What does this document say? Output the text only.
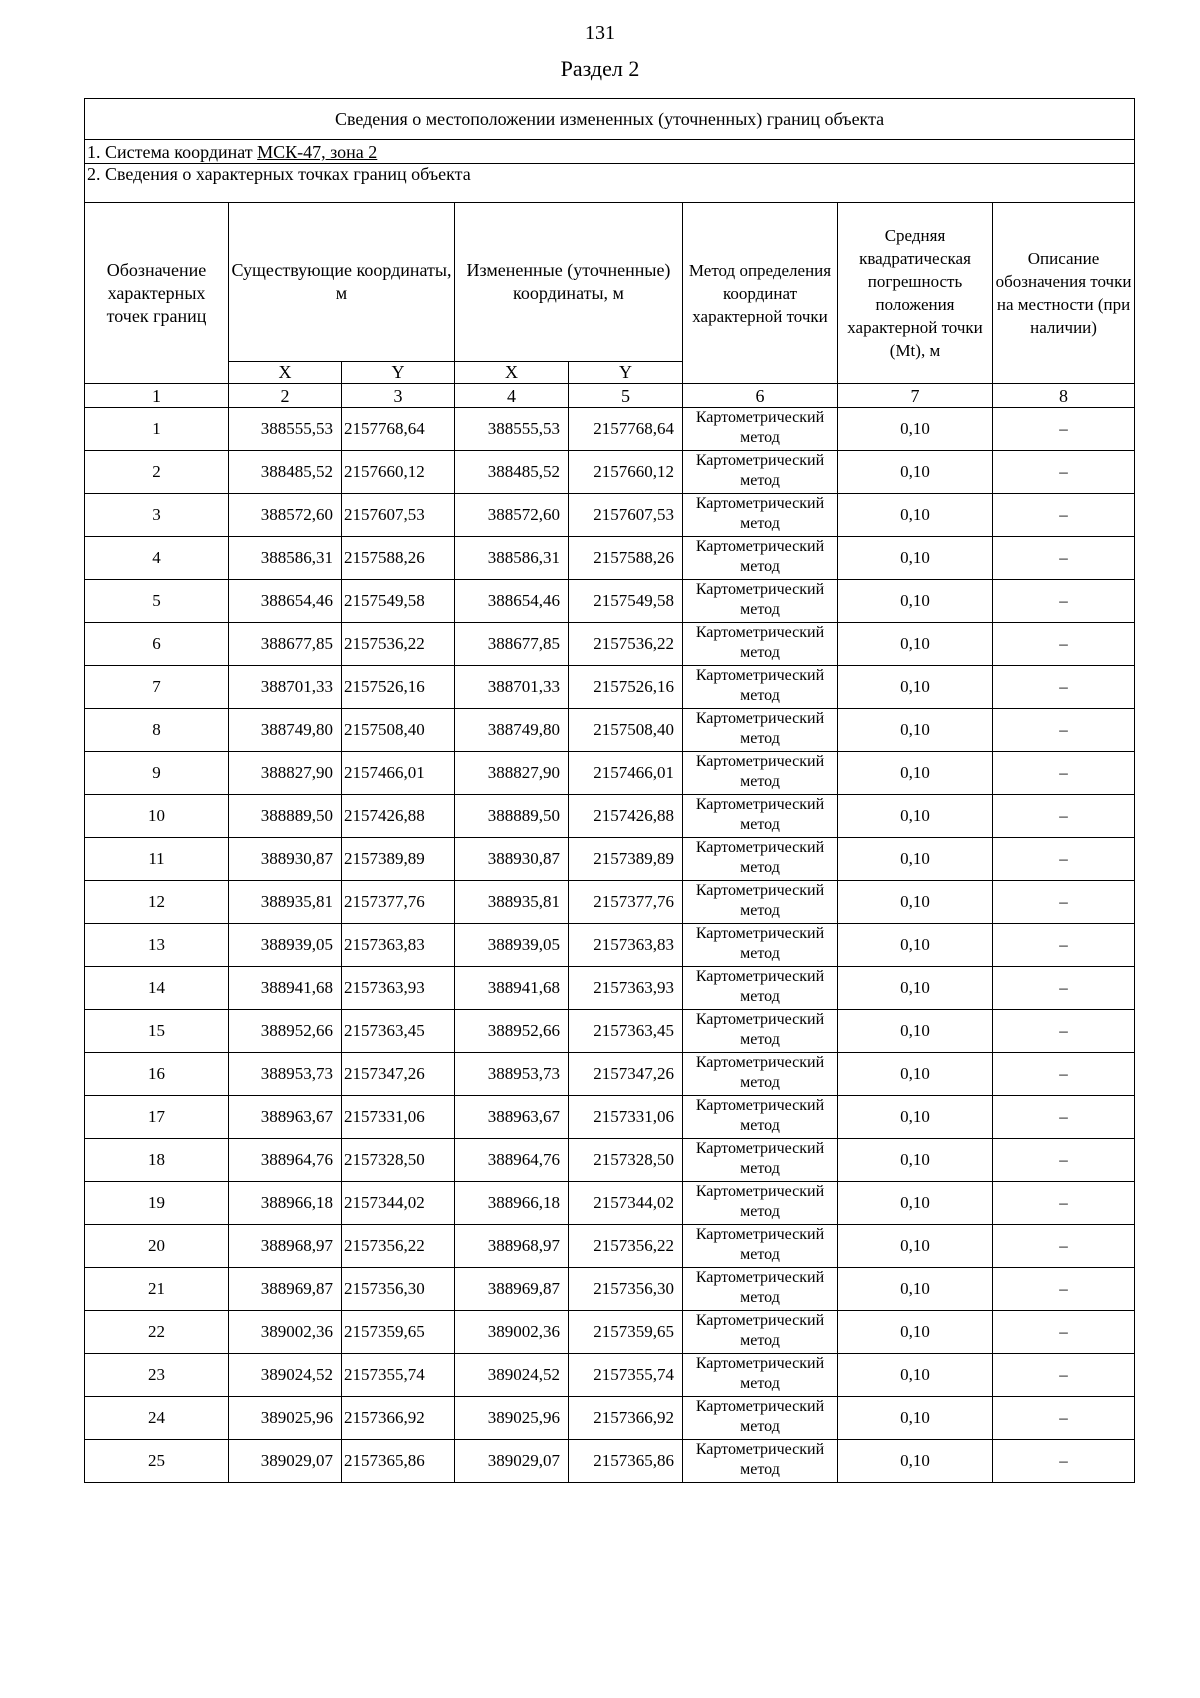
131
Раздел 2
Сведения о местоположении измененных (уточненных) границ объекта							
1. Система координат МСК-47, зона 2							
2. Сведения о характерных точках границ объекта							
Обозначение характерных точек границ	Существующие координаты, м		Измененные (уточненные) координаты, м		Метод определения координат характерной точки	Средняя квадратическая погрешность положения характерной точки (Мt), м	Описание обозначения точки на местности (при наличии)
	X	Y	X	Y			
1	2	3	4	5	6	7	8
1	388555,53	2157768,64	388555,53	2157768,64	Картометрический метод	0,10	–
2	388485,52	2157660,12	388485,52	2157660,12	Картометрический метод	0,10	–
3	388572,60	2157607,53	388572,60	2157607,53	Картометрический метод	0,10	–
4	388586,31	2157588,26	388586,31	2157588,26	Картометрический метод	0,10	–
5	388654,46	2157549,58	388654,46	2157549,58	Картометрический метод	0,10	–
6	388677,85	2157536,22	388677,85	2157536,22	Картометрический метод	0,10	–
7	388701,33	2157526,16	388701,33	2157526,16	Картометрический метод	0,10	–
8	388749,80	2157508,40	388749,80	2157508,40	Картометрический метод	0,10	–
9	388827,90	2157466,01	388827,90	2157466,01	Картометрический метод	0,10	–
10	388889,50	2157426,88	388889,50	2157426,88	Картометрический метод	0,10	–
11	388930,87	2157389,89	388930,87	2157389,89	Картометрический метод	0,10	–
12	388935,81	2157377,76	388935,81	2157377,76	Картометрический метод	0,10	–
13	388939,05	2157363,83	388939,05	2157363,83	Картометрический метод	0,10	–
14	388941,68	2157363,93	388941,68	2157363,93	Картометрический метод	0,10	–
15	388952,66	2157363,45	388952,66	2157363,45	Картометрический метод	0,10	–
16	388953,73	2157347,26	388953,73	2157347,26	Картометрический метод	0,10	–
17	388963,67	2157331,06	388963,67	2157331,06	Картометрический метод	0,10	–
18	388964,76	2157328,50	388964,76	2157328,50	Картометрический метод	0,10	–
19	388966,18	2157344,02	388966,18	2157344,02	Картометрический метод	0,10	–
20	388968,97	2157356,22	388968,97	2157356,22	Картометрический метод	0,10	–
21	388969,87	2157356,30	388969,87	2157356,30	Картометрический метод	0,10	–
22	389002,36	2157359,65	389002,36	2157359,65	Картометрический метод	0,10	–
23	389024,52	2157355,74	389024,52	2157355,74	Картометрический метод	0,10	–
24	389025,96	2157366,92	389025,96	2157366,92	Картометрический метод	0,10	–
25	389029,07	2157365,86	389029,07	2157365,86	Картометрический метод	0,10	–
